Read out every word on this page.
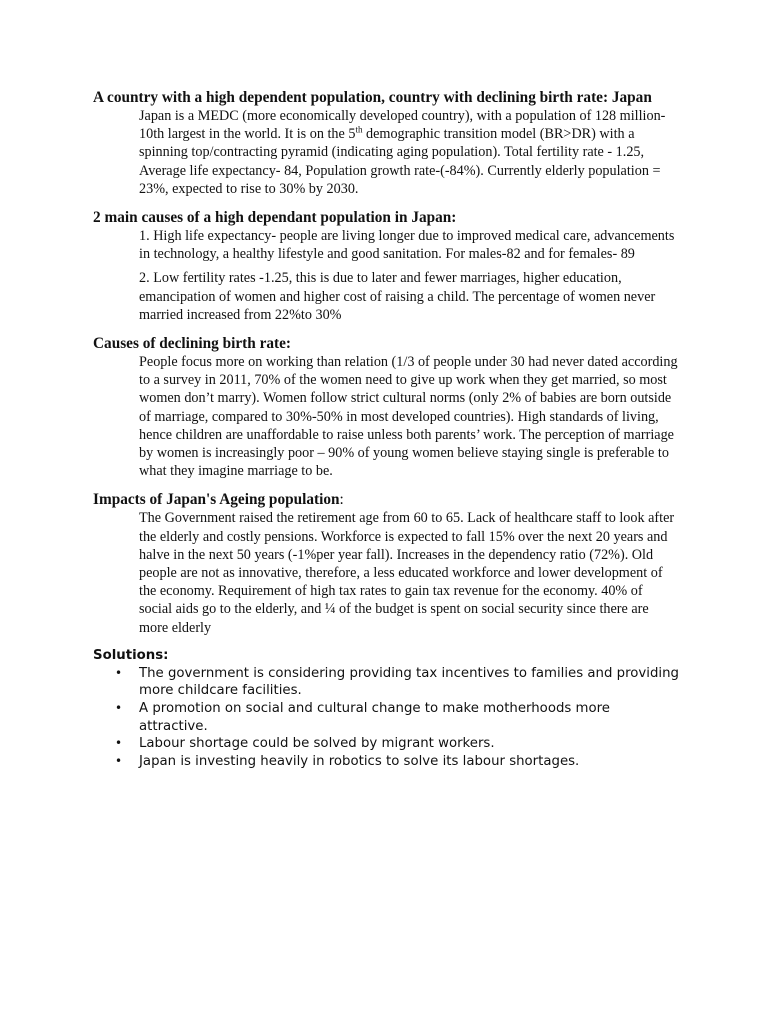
A country with a high dependent population, country with declining birth rate: Japan

Japan is a MEDC (more economically developed country), with a population of 128 million- 10th largest in the world. It is on the 5th demographic transition model (BR>DR) with a spinning top/contracting pyramid (indicating aging population). Total fertility rate - 1.25, Average life expectancy- 84, Population growth rate-(-84%). Currently elderly population = 23%, expected to rise to 30% by 2030.

2 main causes of a high dependant population in Japan:

1. High life expectancy- people are living longer due to improved medical care, advancements in technology, a healthy lifestyle and good sanitation. For males-82 and for females- 89

2. Low fertility rates -1.25, this is due to later and fewer marriages, higher education, emancipation of women and higher cost of raising a child. The percentage of women never married increased from 22%to 30%

Causes of declining birth rate:

People focus more on working than relation (1/3 of people under 30 had never dated according to a survey in 2011, 70% of the women need to give up work when they get married, so most women don’t marry). Women follow strict cultural norms (only 2% of babies are born outside of marriage, compared to 30%-50% in most developed countries). High standards of living, hence children are unaffordable to raise unless both parents’ work. The perception of marriage by women is increasingly poor – 90% of young women believe staying single is preferable to what they imagine marriage to be.

Impacts of Japan's Ageing population:

The Government raised the retirement age from 60 to 65. Lack of healthcare staff to look after the elderly and costly pensions. Workforce is expected to fall 15% over the next 20 years and halve in the next 50 years (-1%per year fall). Increases in the dependency ratio (72%). Old people are not as innovative, therefore, a less educated workforce and lower development of the economy. Requirement of high tax rates to gain tax revenue for the economy. 40% of social aids go to the elderly, and ¼ of the budget is spent on social security since there are more elderly

Solutions:

• The government is considering providing tax incentives to families and providing more childcare facilities.
• A promotion on social and cultural change to make motherhoods more attractive.
• Labour shortage could be solved by migrant workers.
• Japan is investing heavily in robotics to solve its labour shortages.
